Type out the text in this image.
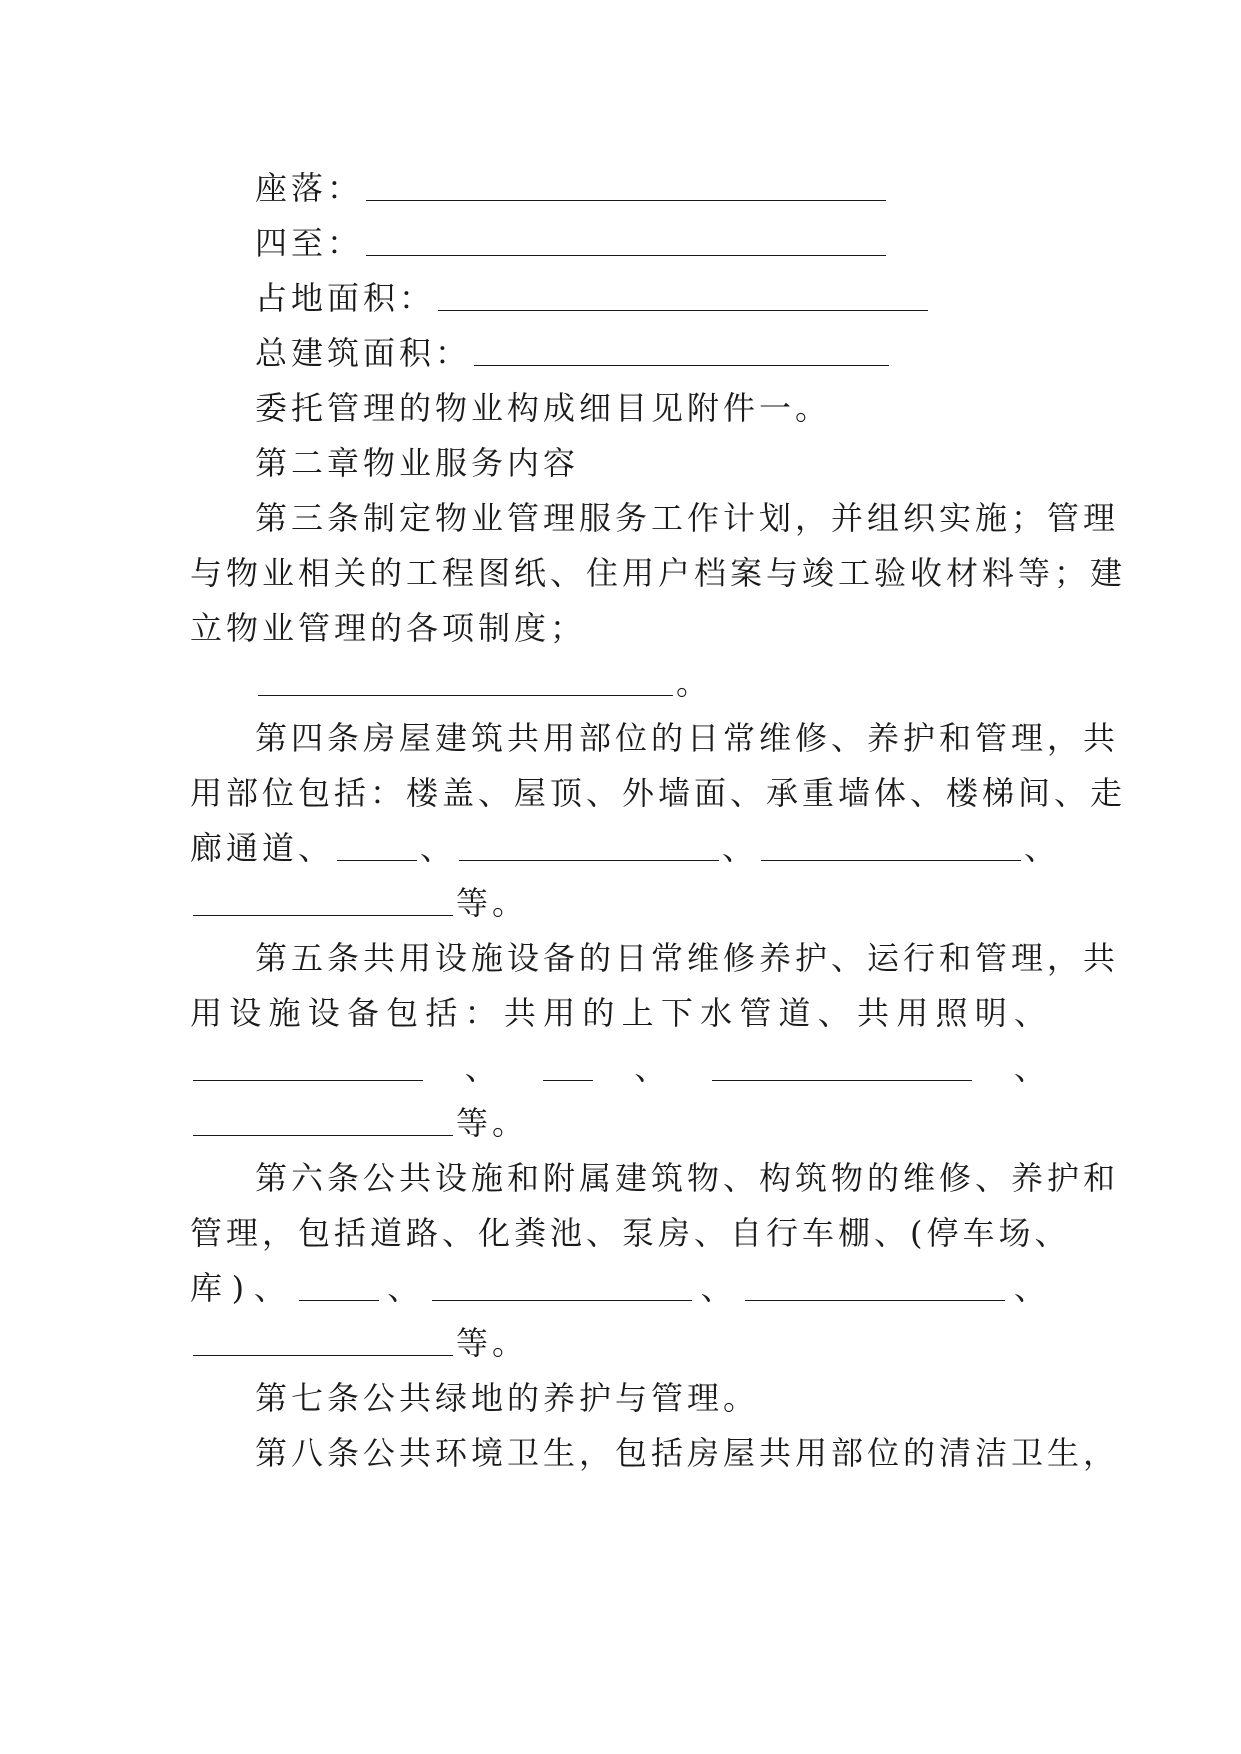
座落：
四至：
占地面积：
总建筑面积：
委托管理的物业构成细目见附件一。
第二章物业服务内容
第三条制定物业管理服务工作计划，并组织实施；管理
与物业相关的工程图纸、住用户档案与竣工验收材料等；建
立物业管理的各项制度；
。
第四条房屋建筑共用部位的日常维修、养护和管理，共
用部位包括：楼盖、屋顶、外墙面、承重墙体、楼梯间、走
廊通道、	、	、	、
等。
第五条共用设施设备的日常维修养护、运行和管理，共
用设施设备包括：共用的上下水管道、共用照明、
、 、	、
等。
第六条公共设施和附属建筑物、构筑物的维修、养护和
管理，包括道路、化粪池、泵房、自行车棚、(停车场、
库)、	、	、	、
等。
第七条公共绿地的养护与管理。
第八条公共环境卫生，包括房屋共用部位的清洁卫生，
